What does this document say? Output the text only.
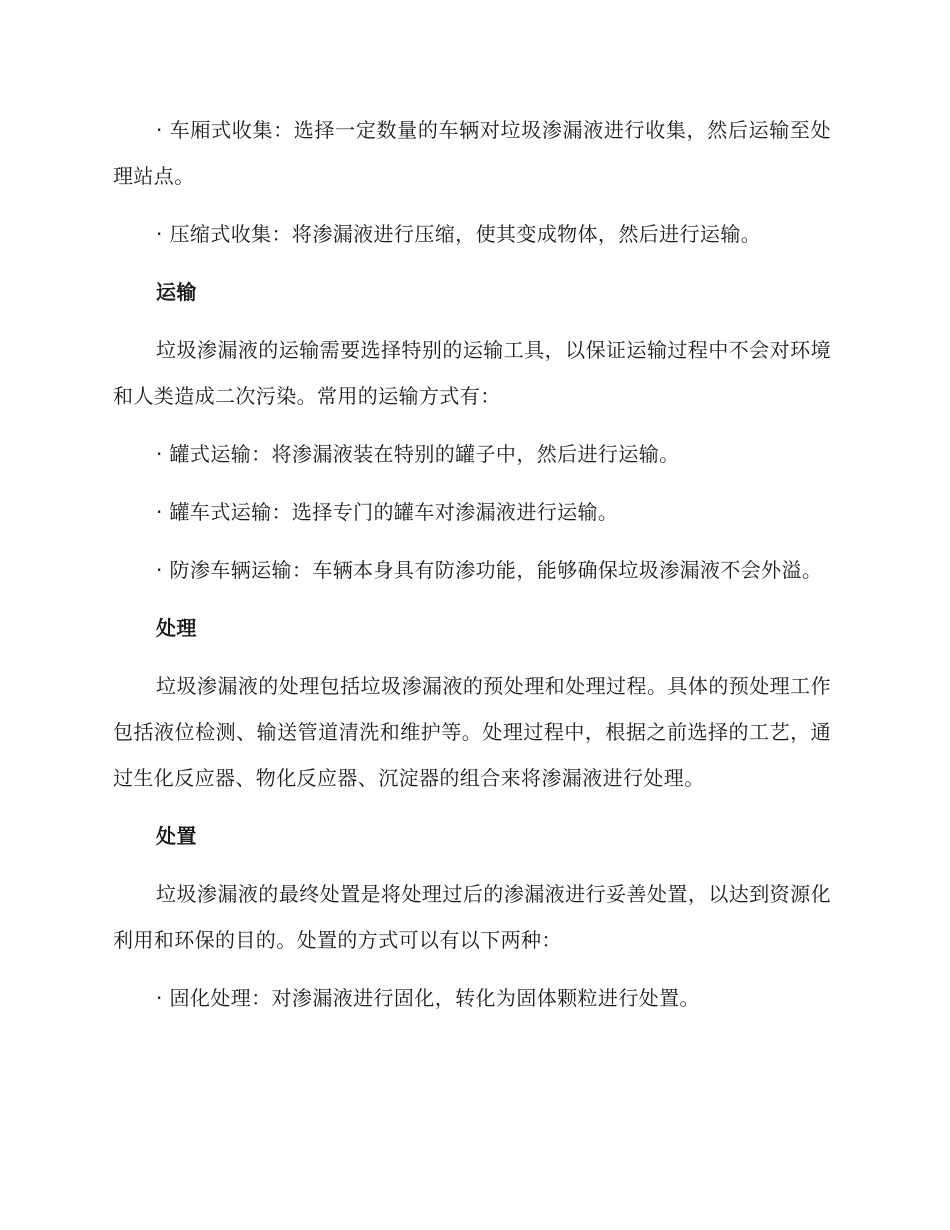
· 车厢式收集：选择一定数量的车辆对垃圾渗漏液进行收集，然后运输至处理站点。

· 压缩式收集：将渗漏液进行压缩，使其变成物体，然后进行运输。

运输

垃圾渗漏液的运输需要选择特别的运输工具，以保证运输过程中不会对环境和人类造成二次污染。常用的运输方式有：

· 罐式运输：将渗漏液装在特别的罐子中，然后进行运输。

· 罐车式运输：选择专门的罐车对渗漏液进行运输。

· 防渗车辆运输：车辆本身具有防渗功能，能够确保垃圾渗漏液不会外溢。

处理

垃圾渗漏液的处理包括垃圾渗漏液的预处理和处理过程。具体的预处理工作包括液位检测、输送管道清洗和维护等。处理过程中，根据之前选择的工艺，通过生化反应器、物化反应器、沉淀器的组合来将渗漏液进行处理。

处置

垃圾渗漏液的最终处置是将处理过后的渗漏液进行妥善处置，以达到资源化利用和环保的目的。处置的方式可以有以下两种：

· 固化处理：对渗漏液进行固化，转化为固体颗粒进行处置。
